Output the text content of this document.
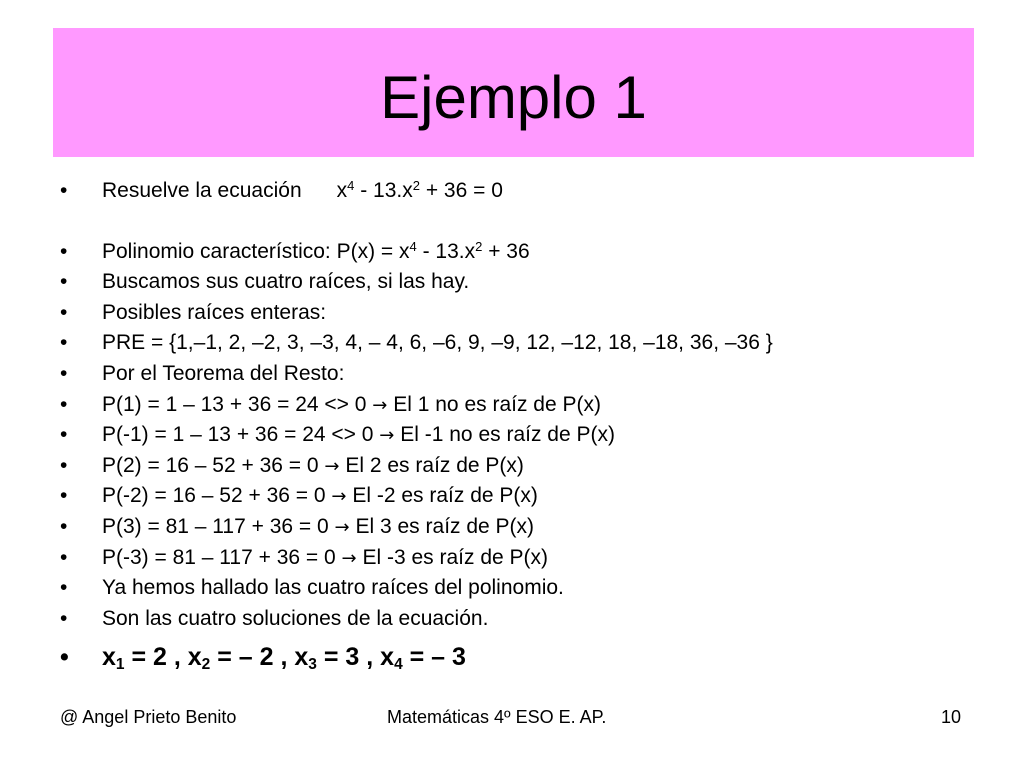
Ejemplo 1
• Resuelve la ecuación $x^4 - 13.x^2 + 36 = 0$
• Polinomio característico: $P(x) = x^4 - 13.x^2 + 36$
• Buscamos sus cuatro raíces, si las hay.
• Posibles raíces enteras:
• PRE = {1,–1, 2, –2, 3, –3, 4, – 4, 6, –6, 9, –9, 12, –12, 18, –18, 36, –36 }
• Por el Teorema del Resto:
• P(1) = 1 – 13 + 36 = 24 <> 0 → El 1 no es raíz de P(x)
• P(-1) = 1 – 13 + 36 = 24 <> 0 → El -1 no es raíz de P(x)
• P(2) = 16 – 52 + 36 = 0 → El 2 es raíz de P(x)
• P(-2) = 16 – 52 + 36 = 0 → El -2 es raíz de P(x)
• P(3) = 81 – 117 + 36 = 0 → El 3 es raíz de P(x)
• P(-3) = 81 – 117 + 36 = 0 → El -3 es raíz de P(x)
• Ya hemos hallado las cuatro raíces del polinomio.
• Son las cuatro soluciones de la ecuación.
• $x_1 = 2$ , $x_2$ = – 2 , $x_3 = 3$ , $x_4$ = – 3
@ Angel Prieto Benito	Matemáticas 4º ESO E. AP.	10
